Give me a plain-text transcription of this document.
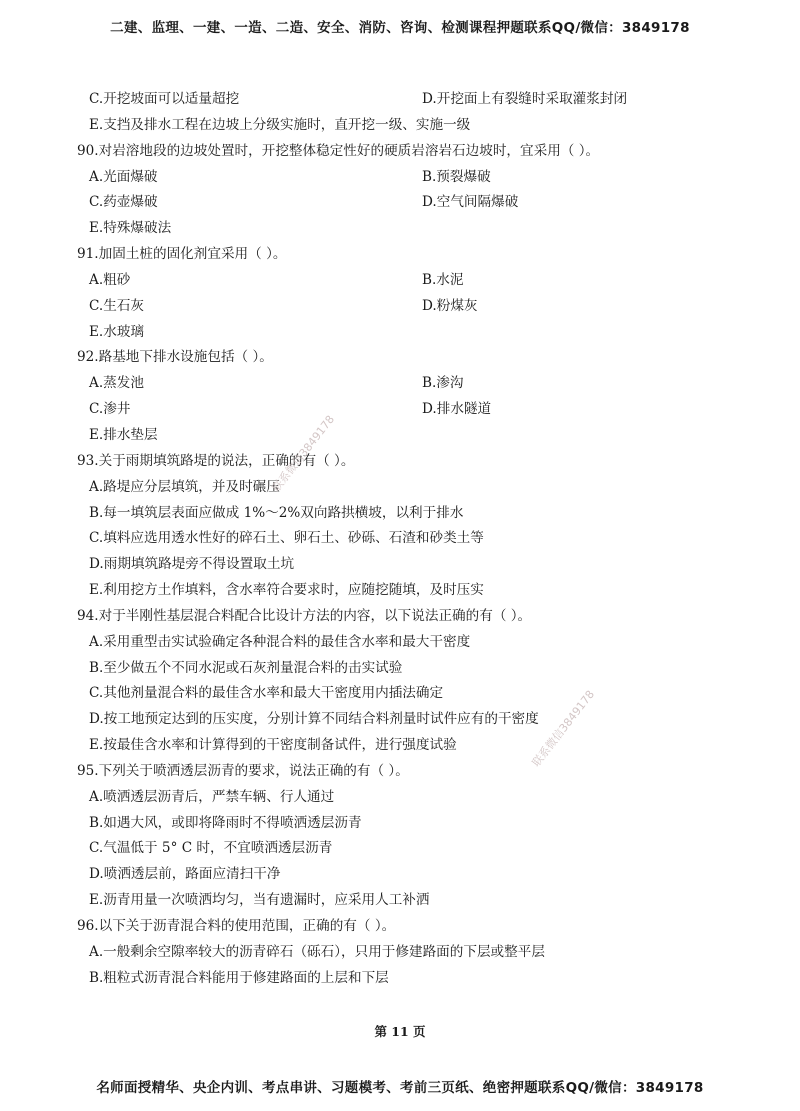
二建、监理、一建、一造、二造、安全、消防、咨询、检测课程押题联系QQ/微信：3849178
C.开挖坡面可以适量超挖	D.开挖面上有裂缝时采取灌浆封闭
E.支挡及排水工程在边坡上分级实施时，直开挖一级、实施一级
90.对岩溶地段的边坡处置时，开挖整体稳定性好的硬质岩溶岩石边坡时，宜采用（ ）。
A.光面爆破	B.预裂爆破
C.药壶爆破	D.空气间隔爆破
E.特殊爆破法
91.加固土桩的固化剂宜采用（ ）。
A.粗砂	B.水泥
C.生石灰	D.粉煤灰
E.水玻璃
92.路基地下排水设施包括（ ）。
A.蒸发池	B.渗沟
C.渗井	D.排水隧道
E.排水垫层
93.关于雨期填筑路堤的说法，正确的有（ ）。
A.路堤应分层填筑，并及时碾压
B.每一填筑层表面应做成 1%～2%双向路拱横坡，以利于排水
C.填料应选用透水性好的碎石土、卵石土、砂砾、石渣和砂类土等
D.雨期填筑路堤旁不得设置取土坑
E.利用挖方土作填料，含水率符合要求时，应随挖随填，及时压实
94.对于半刚性基层混合料配合比设计方法的内容，以下说法正确的有（ ）。
A.采用重型击实试验确定各种混合料的最佳含水率和最大干密度
B.至少做五个不同水泥或石灰剂量混合料的击实试验
C.其他剂量混合料的最佳含水率和最大干密度用内插法确定
D.按工地预定达到的压实度，分别计算不同结合料剂量时试件应有的干密度
E.按最佳含水率和计算得到的干密度制备试件，进行强度试验
95.下列关于喷洒透层沥青的要求，说法正确的有（ ）。
A.喷洒透层沥青后，严禁车辆、行人通过
B.如遇大风，或即将降雨时不得喷洒透层沥青
C.气温低于 5° C 时，不宜喷洒透层沥青
D.喷洒透层前，路面应清扫干净
E.沥青用量一次喷洒均匀，当有遗漏时，应采用人工补洒
96.以下关于沥青混合料的使用范围，正确的有（ ）。
A.一般剩余空隙率较大的沥青碎石（砾石），只用于修建路面的下层或整平层
B.粗粒式沥青混合料能用于修建路面的上层和下层
联系微信3849178
联系微信3849178
第 11 页
名师面授精华、央企内训、考点串讲、习题模考、考前三页纸、绝密押题联系QQ/微信：3849178
